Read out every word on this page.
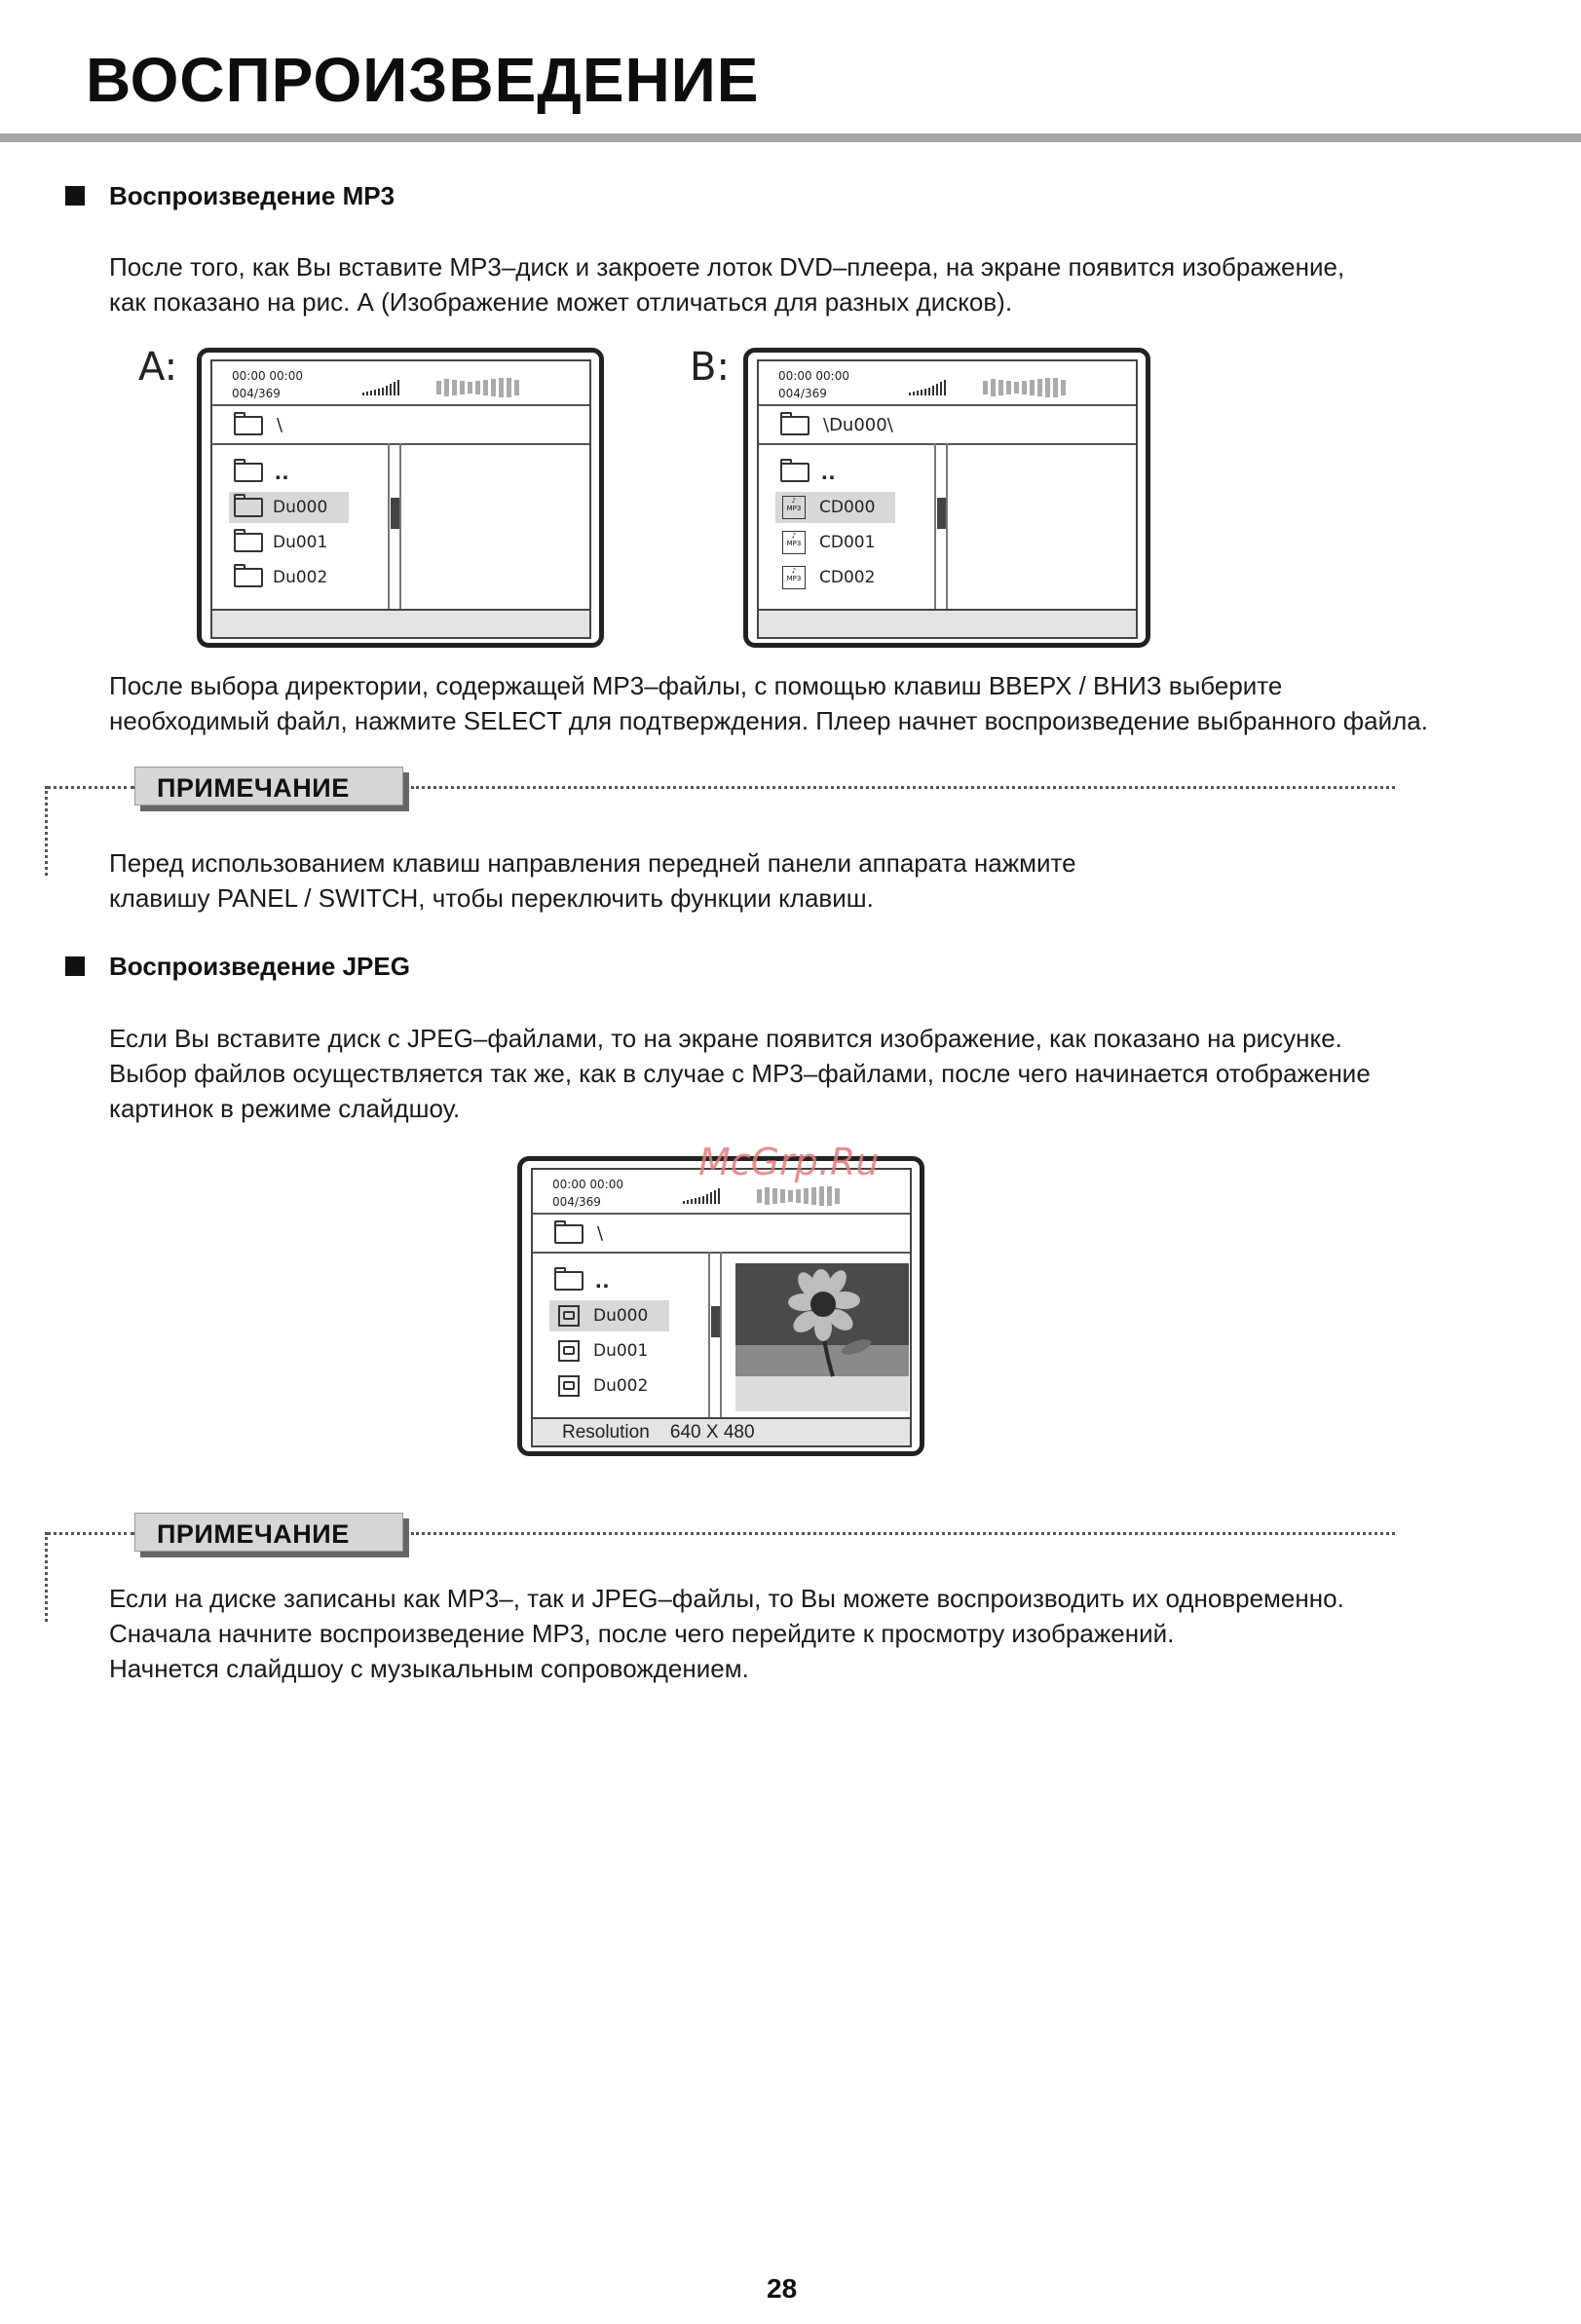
ВОСПРОИЗВЕДЕНИЕ
Воспроизведение MP3
После того, как Вы вставите MP3–диск и закроете лоток DVD–плеера, на экране появится изображение,
как показано на рис. А (Изображение может отличаться для разных дисков).
A:	00:00 00:00
004/369
\
..
Du000
Du001
Du002
B:	00:00 00:00
004/369
\Du000\
..
♪
MP3 CD000
♪
MP3 CD001
♪
MP3 CD002
После выбора директории, содержащей MP3–файлы, с помощью клавиш ВВЕРХ / ВНИЗ выберите
необходимый файл, нажмите SELECT для подтверждения. Плеер начнет воспроизведение выбранного файла.
ПРИМЕЧАНИЕ
Перед использованием клавиш направления передней панели аппарата нажмите
клавишу PANEL / SWITCH, чтобы переключить функции клавиш.
Воспроизведение JPEG
Если Вы вставите диск с JPEG–файлами, то на экране появится изображение, как показано на рисунке.
Выбор файлов осуществляется так же, как в случае с MP3–файлами, после чего начинается отображение
картинок в режиме слайдшоу.
00:00 00:00
004/369
\
..
Du000
Du001
Du002
Resolution    640 X 480
McGrp.Ru
ПРИМЕЧАНИЕ
Если на диске записаны как MP3–, так и JPEG–файлы, то Вы можете воспроизводить их одновременно.
Сначала начните воспроизведение MP3, после чего перейдите к просмотру изображений.
Начнется слайдшоу с музыкальным сопровождением.
28
